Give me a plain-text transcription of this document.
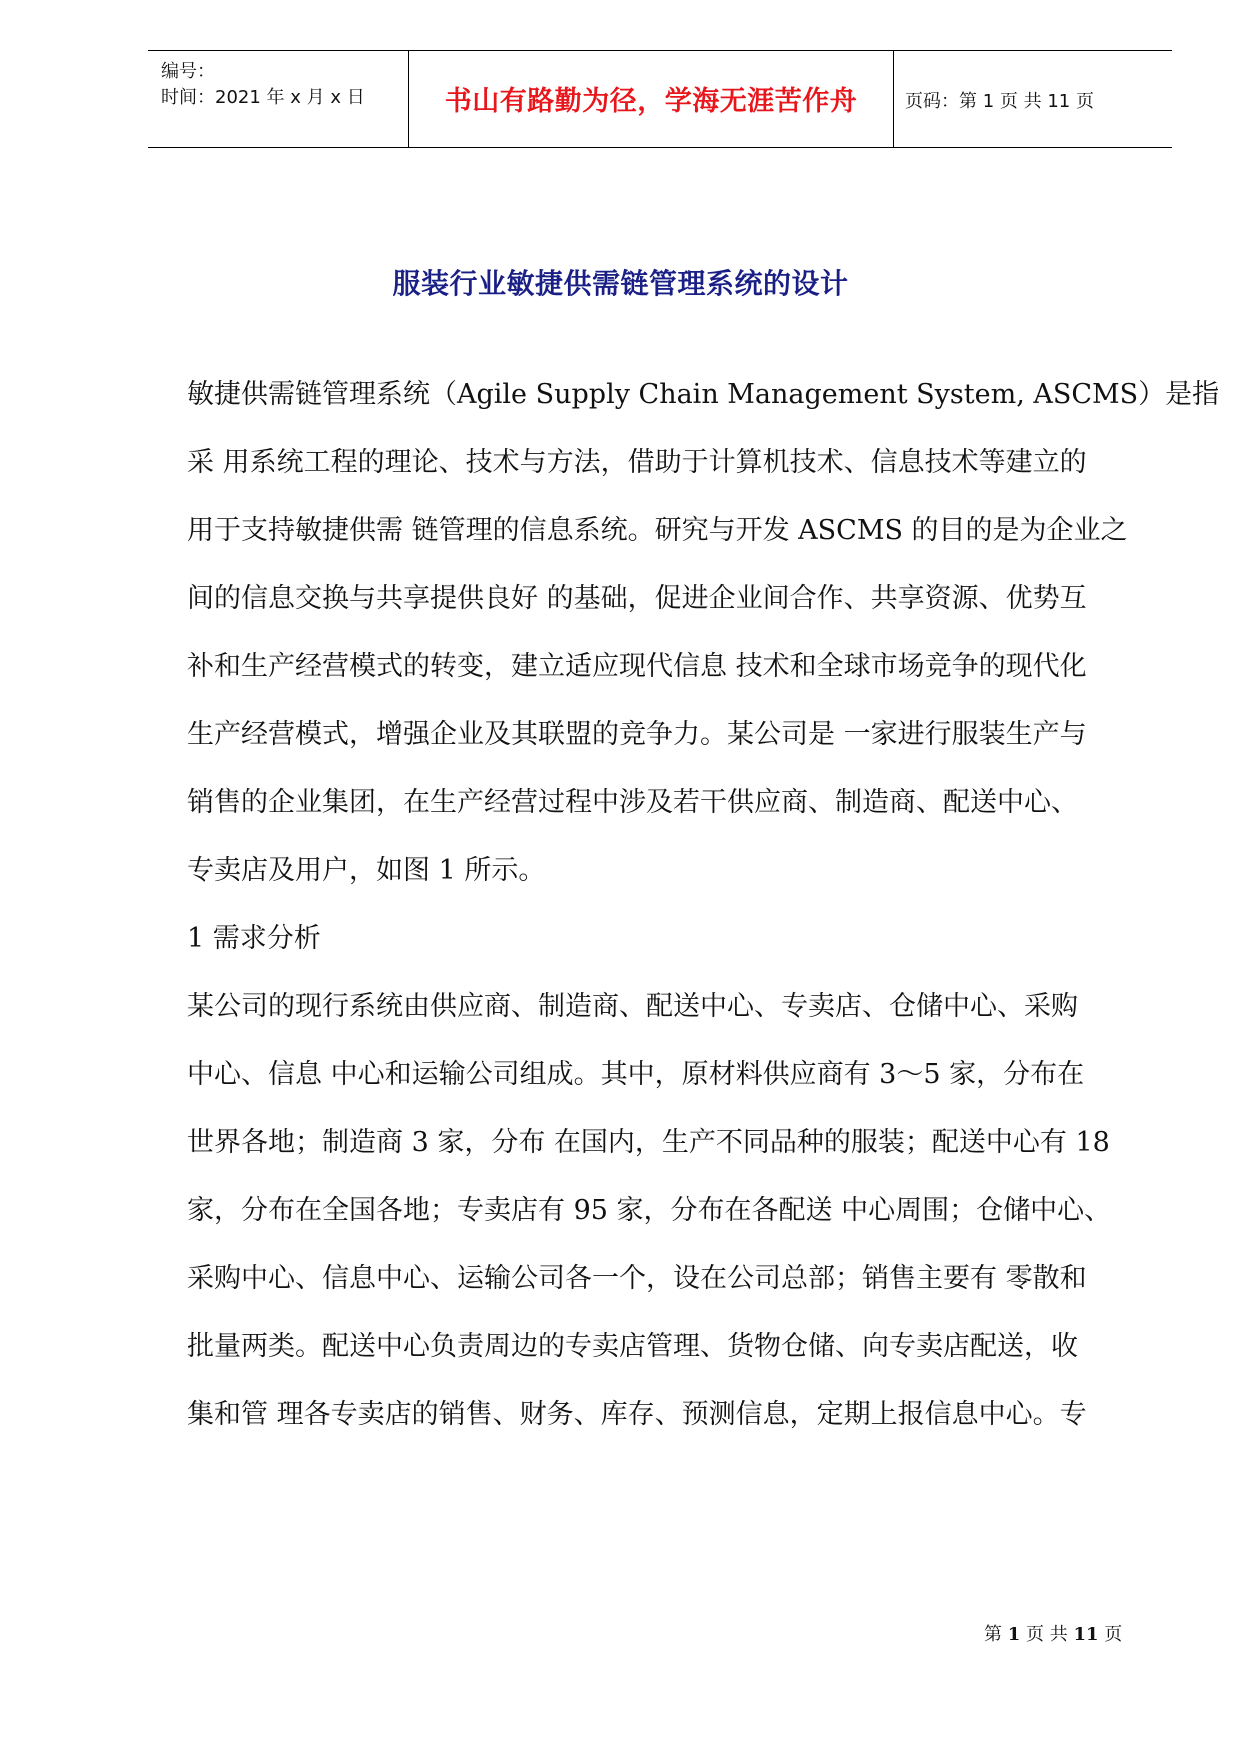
编号：
时间：2021 年 x 月 x 日	书山有路勤为径，学海无涯苦作舟	页码：第 1 页 共 11 页
服装行业敏捷供需链管理系统的设计
敏捷供需链管理系统（Agile Supply Chain Management System, ASCMS）是指
采 用系统工程的理论、技术与方法，借助于计算机技术、信息技术等建立的
用于支持敏捷供需 链管理的信息系统。研究与开发 ASCMS 的目的是为企业之
间的信息交换与共享提供良好 的基础，促进企业间合作、共享资源、优势互
补和生产经营模式的转变，建立适应现代信息 技术和全球市场竞争的现代化
生产经营模式，增强企业及其联盟的竞争力。某公司是 一家进行服装生产与
销售的企业集团，在生产经营过程中涉及若干供应商、制造商、配送中心、
专卖店及用户，如图 1 所示。
1 需求分析
某公司的现行系统由供应商、制造商、配送中心、专卖店、仓储中心、采购
中心、信息 中心和运输公司组成。其中，原材料供应商有 3～5 家，分布在
世界各地；制造商 3 家，分布 在国内，生产不同品种的服装；配送中心有 18
家，分布在全国各地；专卖店有 95 家，分布在各配送 中心周围；仓储中心、
采购中心、信息中心、运输公司各一个，设在公司总部；销售主要有 零散和
批量两类。配送中心负责周边的专卖店管理、货物仓储、向专卖店配送，收
集和管 理各专卖店的销售、财务、库存、预测信息，定期上报信息中心。专
第 1 页 共 11 页
